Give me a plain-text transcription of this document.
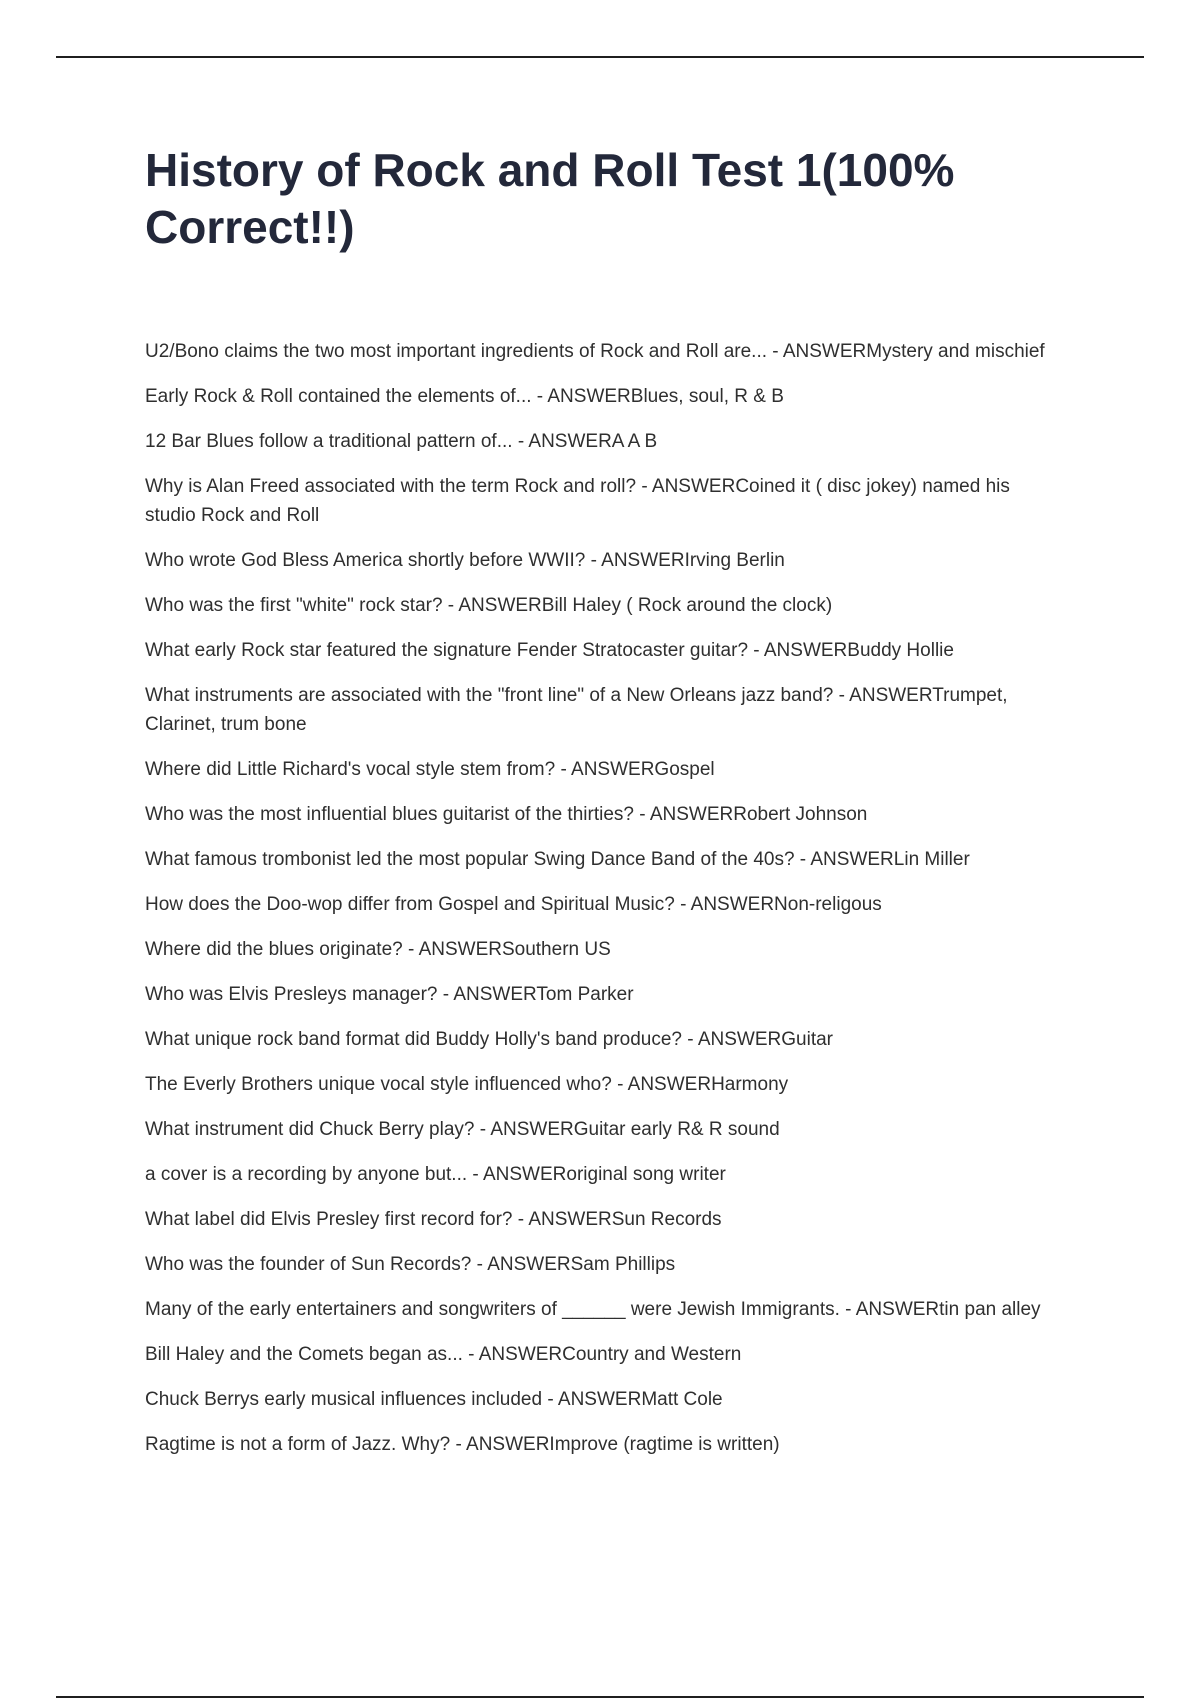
History of Rock and Roll Test 1(100% Correct!!)

U2/Bono claims the two most important ingredients of Rock and Roll are... - ANSWERMystery and mischief

Early Rock & Roll contained the elements of... - ANSWERBlues, soul, R & B

12 Bar Blues follow a traditional pattern of... - ANSWERA A B

Why is Alan Freed associated with the term Rock and roll? - ANSWERCoined it ( disc jokey) named his studio Rock and Roll

Who wrote God Bless America shortly before WWII? - ANSWERIrving Berlin

Who was the first "white" rock star? - ANSWERBill Haley ( Rock around the clock)

What early Rock star featured the signature Fender Stratocaster guitar? - ANSWERBuddy Hollie

What instruments are associated with the "front line" of a New Orleans jazz band? - ANSWERTrumpet, Clarinet, trum bone

Where did Little Richard's vocal style stem from? - ANSWERGospel

Who was the most influential blues guitarist of the thirties? - ANSWERRobert Johnson

What famous trombonist led the most popular Swing Dance Band of the 40s? - ANSWERLin Miller

How does the Doo-wop differ from Gospel and Spiritual Music? - ANSWERNon-religous

Where did the blues originate? - ANSWERSouthern US

Who was Elvis Presleys manager? - ANSWERTom Parker

What unique rock band format did Buddy Holly's band produce? - ANSWERGuitar

The Everly Brothers unique vocal style influenced who? - ANSWERHarmony

What instrument did Chuck Berry play? - ANSWERGuitar early R& R sound

a cover is a recording by anyone but... - ANSWERoriginal song writer

What label did Elvis Presley first record for? - ANSWERSun Records

Who was the founder of Sun Records? - ANSWERSam Phillips

Many of the early entertainers and songwriters of ______ were Jewish Immigrants. - ANSWERtin pan alley

Bill Haley and the Comets began as... - ANSWERCountry and Western

Chuck Berrys early musical influences included - ANSWERMatt Cole

Ragtime is not a form of Jazz. Why? - ANSWERImprove (ragtime is written)
